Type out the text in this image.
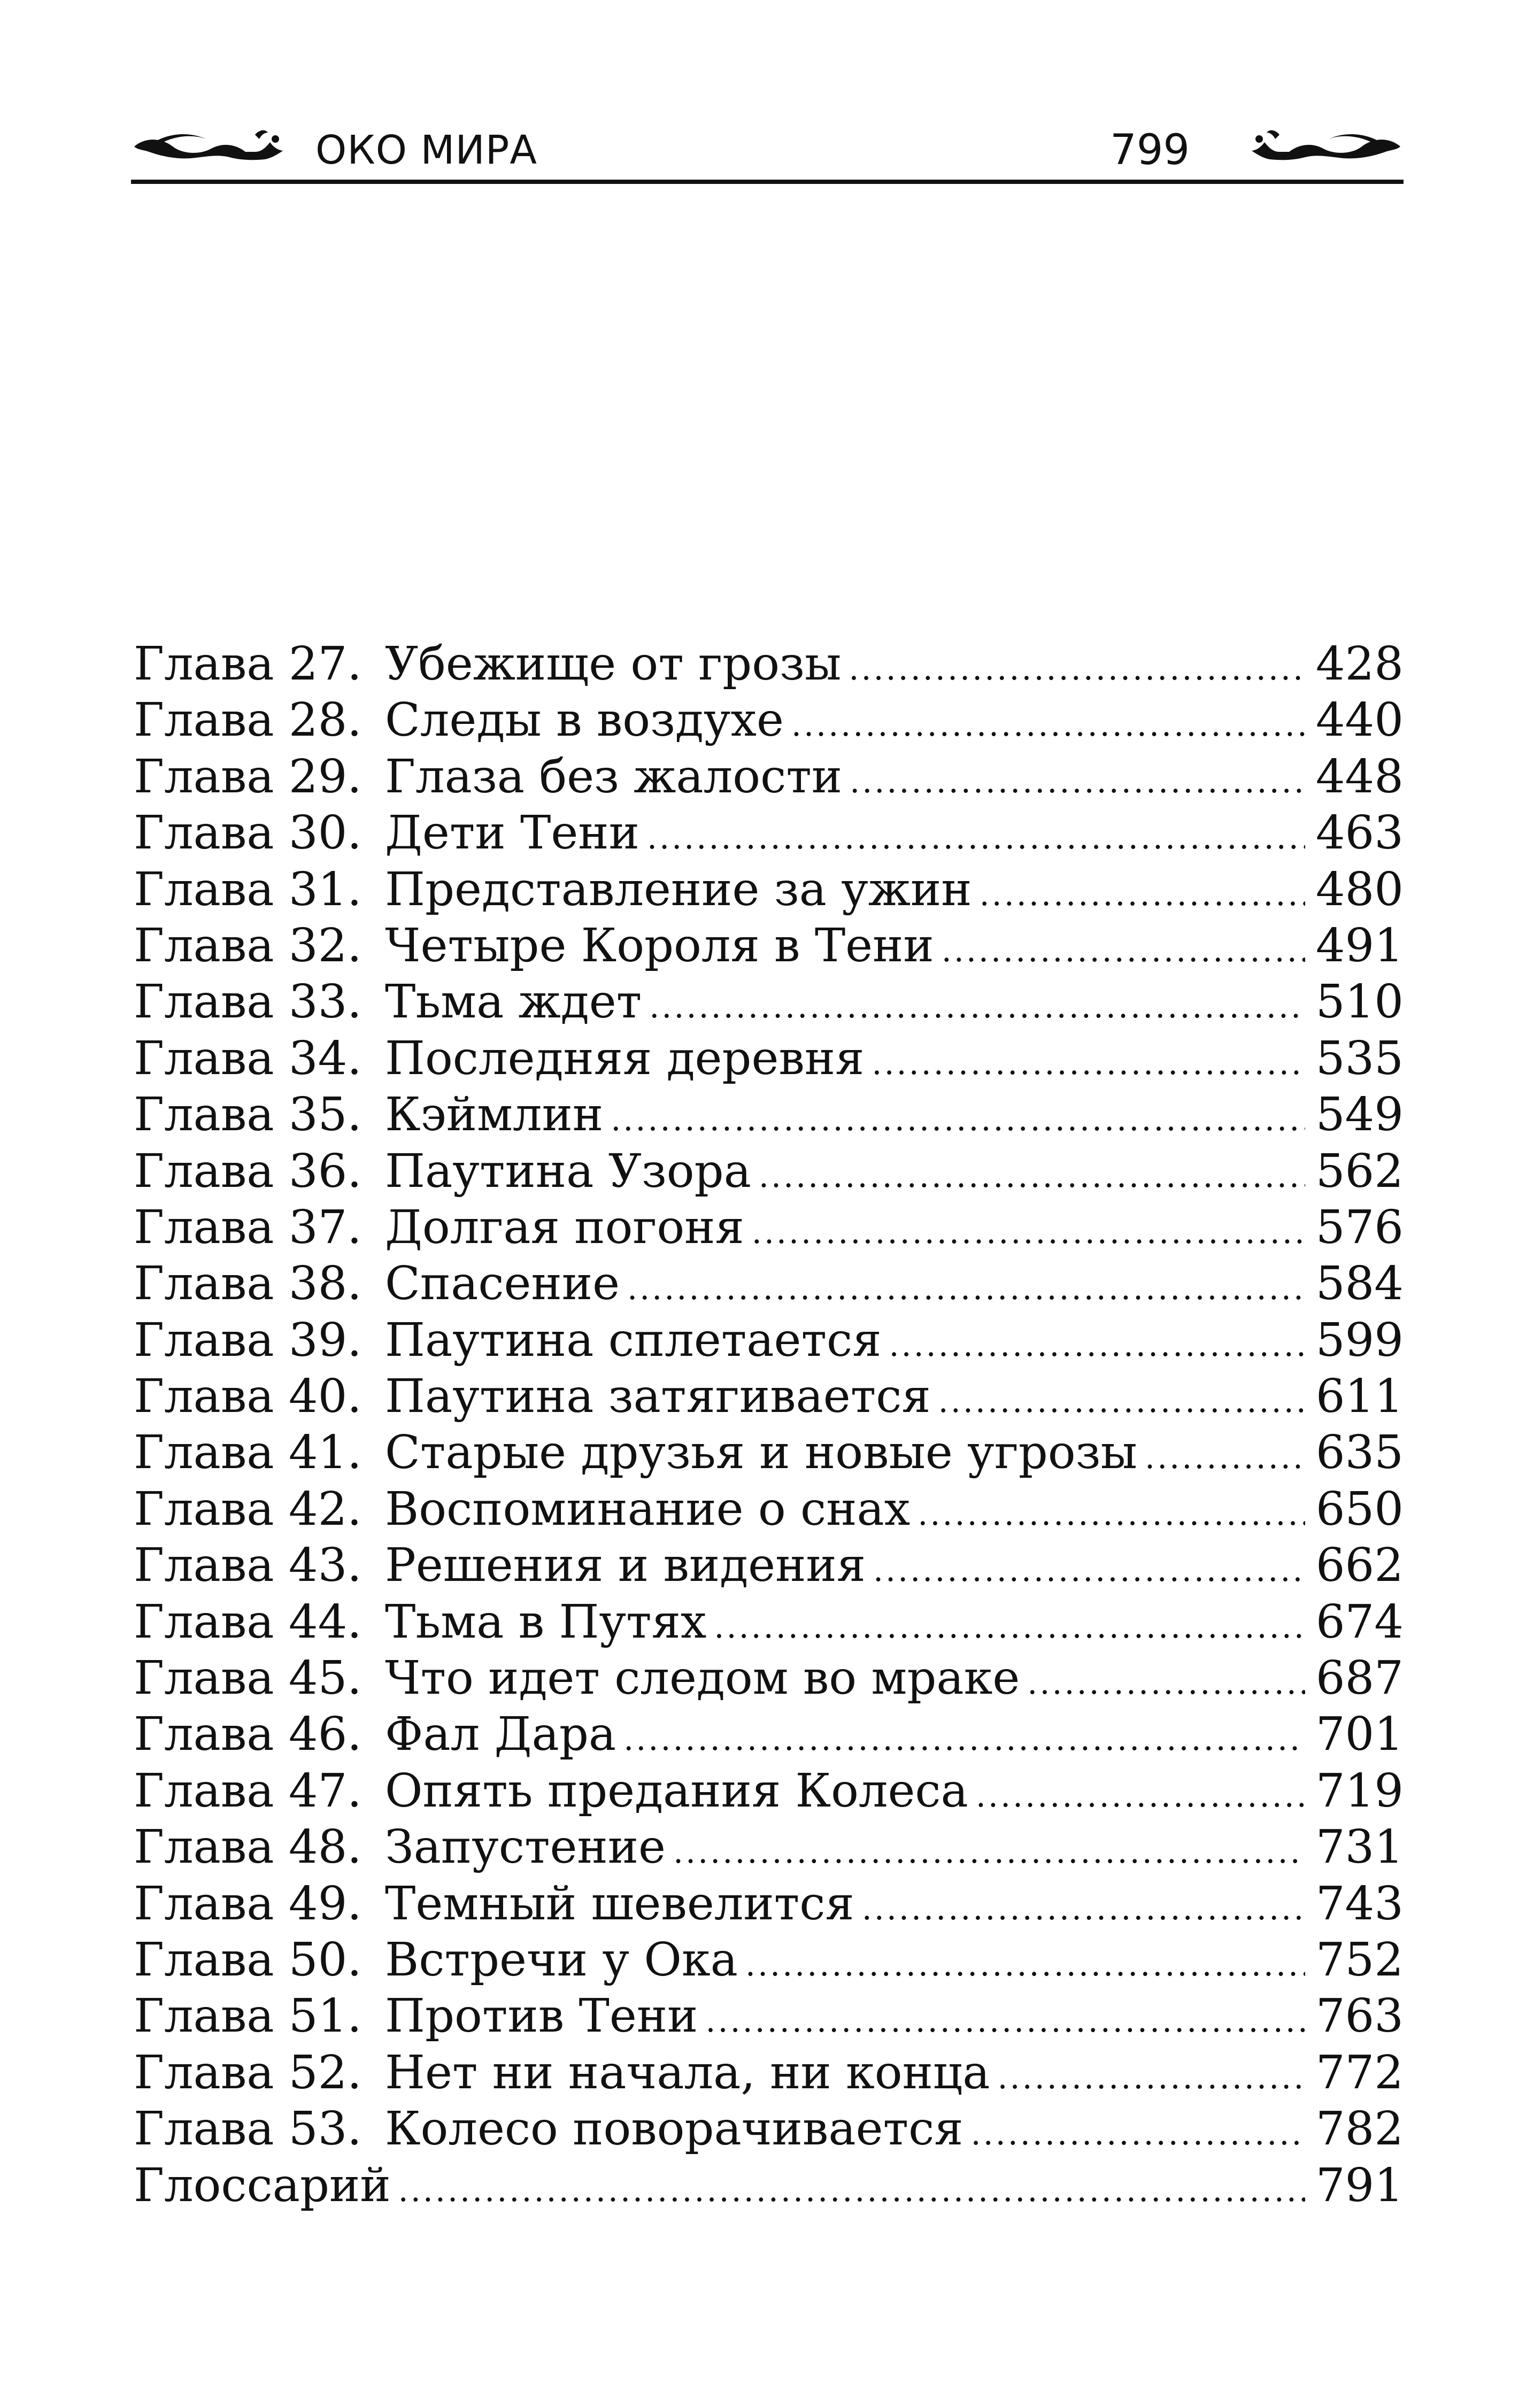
ОКО МИРА	799
Глава 27. Убежище от грозы .....	428
Глава 28. Следы в воздухе .....	440
Глава 29. Глаза без жалости .....	448
Глава 30. Дети Тени .....	463
Глава 31. Представление за ужин .....	480
Глава 32. Четыре Короля в Тени .....	491
Глава 33. Тьма ждет .....	510
Глава 34. Последняя деревня .....	535
Глава 35. Кэймлин .....	549
Глава 36. Паутина Узора .....	562
Глава 37. Долгая погоня .....	576
Глава 38. Спасение .....	584
Глава 39. Паутина сплетается .....	599
Глава 40. Паутина затягивается .....	611
Глава 41. Старые друзья и новые угрозы .....	635
Глава 42. Воспоминание о снах .....	650
Глава 43. Решения и видения .....	662
Глава 44. Тьма в Путях .....	674
Глава 45. Что идет следом во мраке .....	687
Глава 46. Фал Дара .....	701
Глава 47. Опять предания Колеса .....	719
Глава 48. Запустение .....	731
Глава 49. Темный шевелится .....	743
Глава 50. Встречи у Ока .....	752
Глава 51. Против Тени .....	763
Глава 52. Нет ни начала, ни конца .....	772
Глава 53. Колесо поворачивается .....	782
Глоссарий .....	791
